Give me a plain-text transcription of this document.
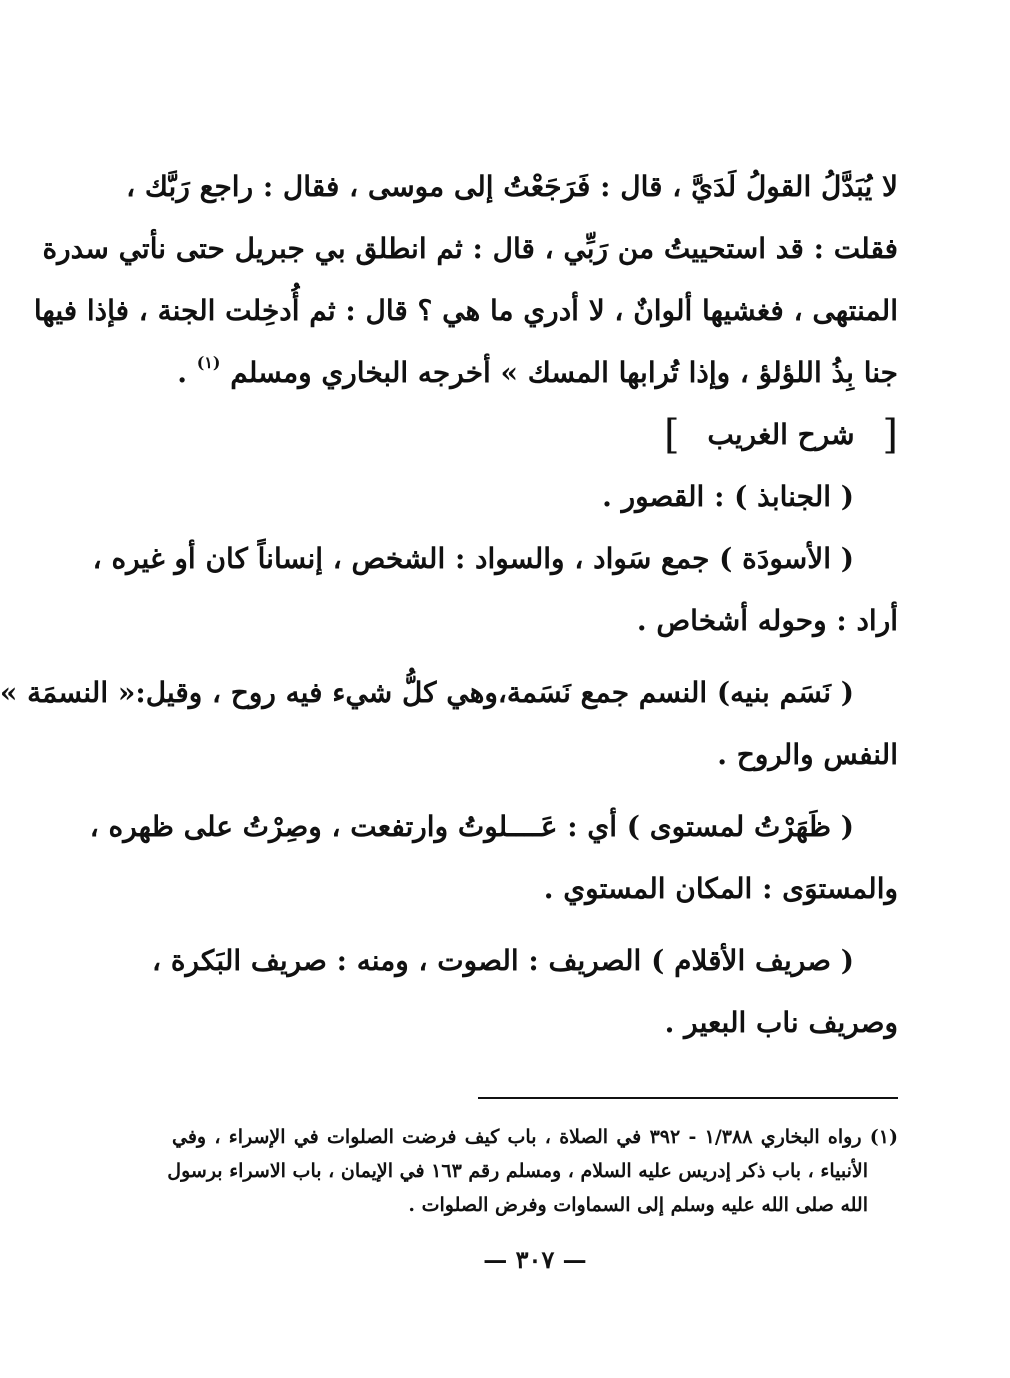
لا يُبَدَّلُ القولُ لَدَيَّ ، قال : فَرَجَعْتُ إلى موسى ، فقال : راجع رَبَّك ،
فقلت : قد استحييتُ من رَبِّي ، قال : ثم انطلق بي جبريل حتى نأتي سدرة
المنتهى ، فغشيها ألوانٌ ، لا أدري ما هي ؟ قال : ثم أُدخِلت الجنة ، فإذا فيها
جنا بِذُ اللؤلؤ ، وإذا تُرابها المسك » أخرجه البخاري ومسلم $^{(١)}$ .
[ شرح الغريب ]
( الجنابذ ) : القصور .
( الأسودَة ) جمع سَواد ، والسواد : الشخص ، إنساناً كان أو غيره ،
أراد : وحوله أشخاص .
( نَسَم بنيه) النسم جمع نَسَمة،وهي كلُّ شيء فيه روح ، وقيل:« النسمَة »
النفس والروح .
( ظَهَرْتُ لمستوى ) أي : عَــــلوتُ وارتفعت ، وصِرْتُ على ظهره ،
والمستوَى : المكان المستوي .
( صريف الأقلام ) الصريف : الصوت ، ومنه : صريف البَكرة ،
وصريف ناب البعير .
(١) رواه البخاري ١/٣٨٨ - ٣٩٢ في الصلاة ، باب كيف فرضت الصلوات في الإسراء ، وفي
الأنبياء ، باب ذكر إدريس عليه السلام ، ومسلم رقم ١٦٣ في الإيمان ، باب الاسراء برسول
الله صلى الله عليه وسلم إلى السماوات وفرض الصلوات .
— ٣٠٧ —
